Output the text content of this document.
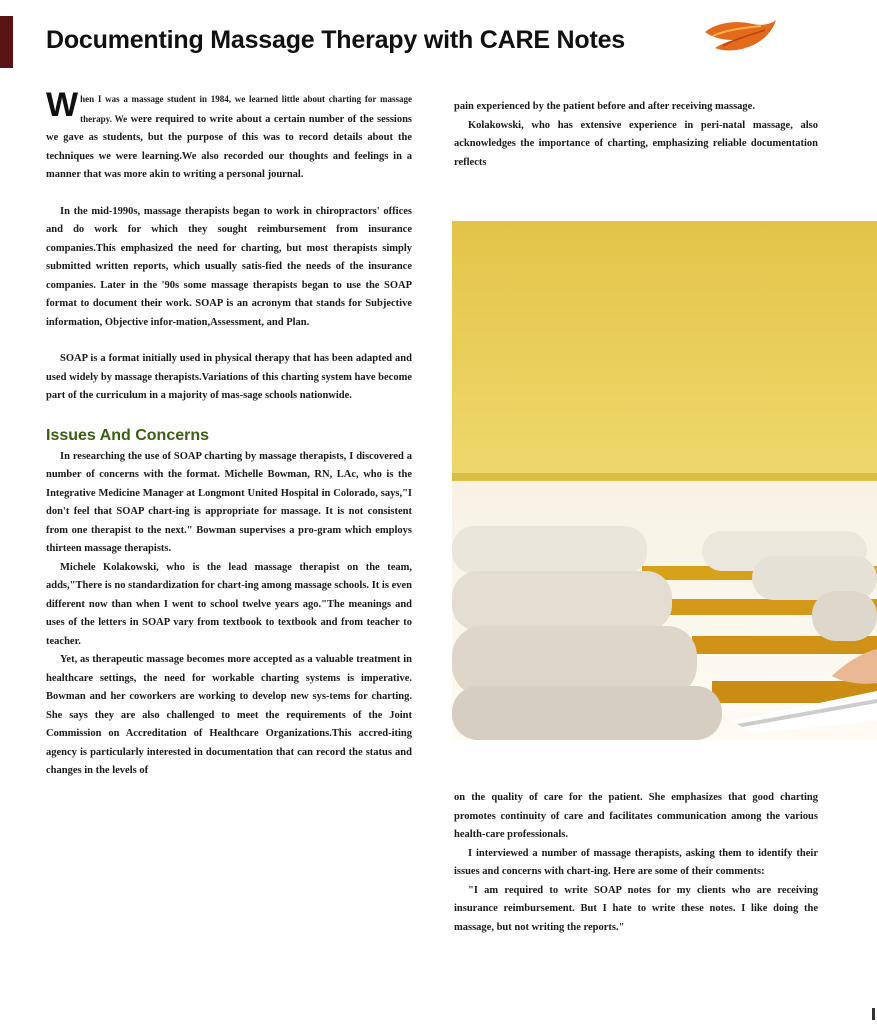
Documenting Massage Therapy with CARE Notes

W hen I was a massage student in 1984, we learned little about charting for massage therapy. We were required to write about a certain number of the sessions we gave as students, but the purpose of this was to record details about the techniques we were learning.We also recorded our thoughts and feelings in a manner that was more akin to writing a personal journal.

In the mid-1990s, massage therapists began to work in chiropractors' offices and do work for which they sought reimbursement from insurance companies.This emphasized the need for charting, but most therapists simply submitted written reports, which usually satis-fied the needs of the insurance companies. Later in the '90s some massage therapists began to use the SOAP format to document their work. SOAP is an acronym that stands for Subjective information, Objective infor-mation,Assessment, and Plan.

SOAP is a format initially used in physical therapy that has been adapted and used widely by massage therapists.Variations of this charting system have become part of the curriculum in a majority of mas-sage schools nationwide.

Issues And Concerns

In researching the use of SOAP charting by massage therapists, I discovered a number of concerns with the format. Michelle Bowman, RN, LAc, who is the Integrative Medicine Manager at Longmont United Hospital in Colorado, says,"I don't feel that SOAP chart-ing is appropriate for massage. It is not consistent from one therapist to the next." Bowman supervises a pro-gram which employs thirteen massage therapists.

Michele Kolakowski, who is the lead massage therapist on the team, adds,"There is no standardization for chart-ing among massage schools. It is even different now than when I went to school twelve years ago."The meanings and uses of the letters in SOAP vary from textbook to textbook and from teacher to teacher.

Yet, as therapeutic massage becomes more accepted as a valuable treatment in healthcare settings, the need for workable charting systems is imperative. Bowman and her coworkers are working to develop new sys-tems for charting. She says they are also challenged to meet the requirements of the Joint Commission on Accreditation of Healthcare Organizations.This accred-iting agency is particularly interested in documentation that can record the status and changes in the levels of

pain experienced by the patient before and after receiving massage.

Kolakowski, who has extensive experience in peri-natal massage, also acknowledges the importance of charting, emphasizing reliable documentation reflects

on the quality of care for the patient. She emphasizes that good charting promotes continuity of care and facilitates communication among the various health-care professionals.

I interviewed a number of massage therapists, asking them to identify their issues and concerns with chart-ing. Here are some of their comments:

"I am required to write SOAP notes for my clients who are receiving insurance reimbursement. But I hate to write these notes. I like doing the massage, but not writing the reports."
